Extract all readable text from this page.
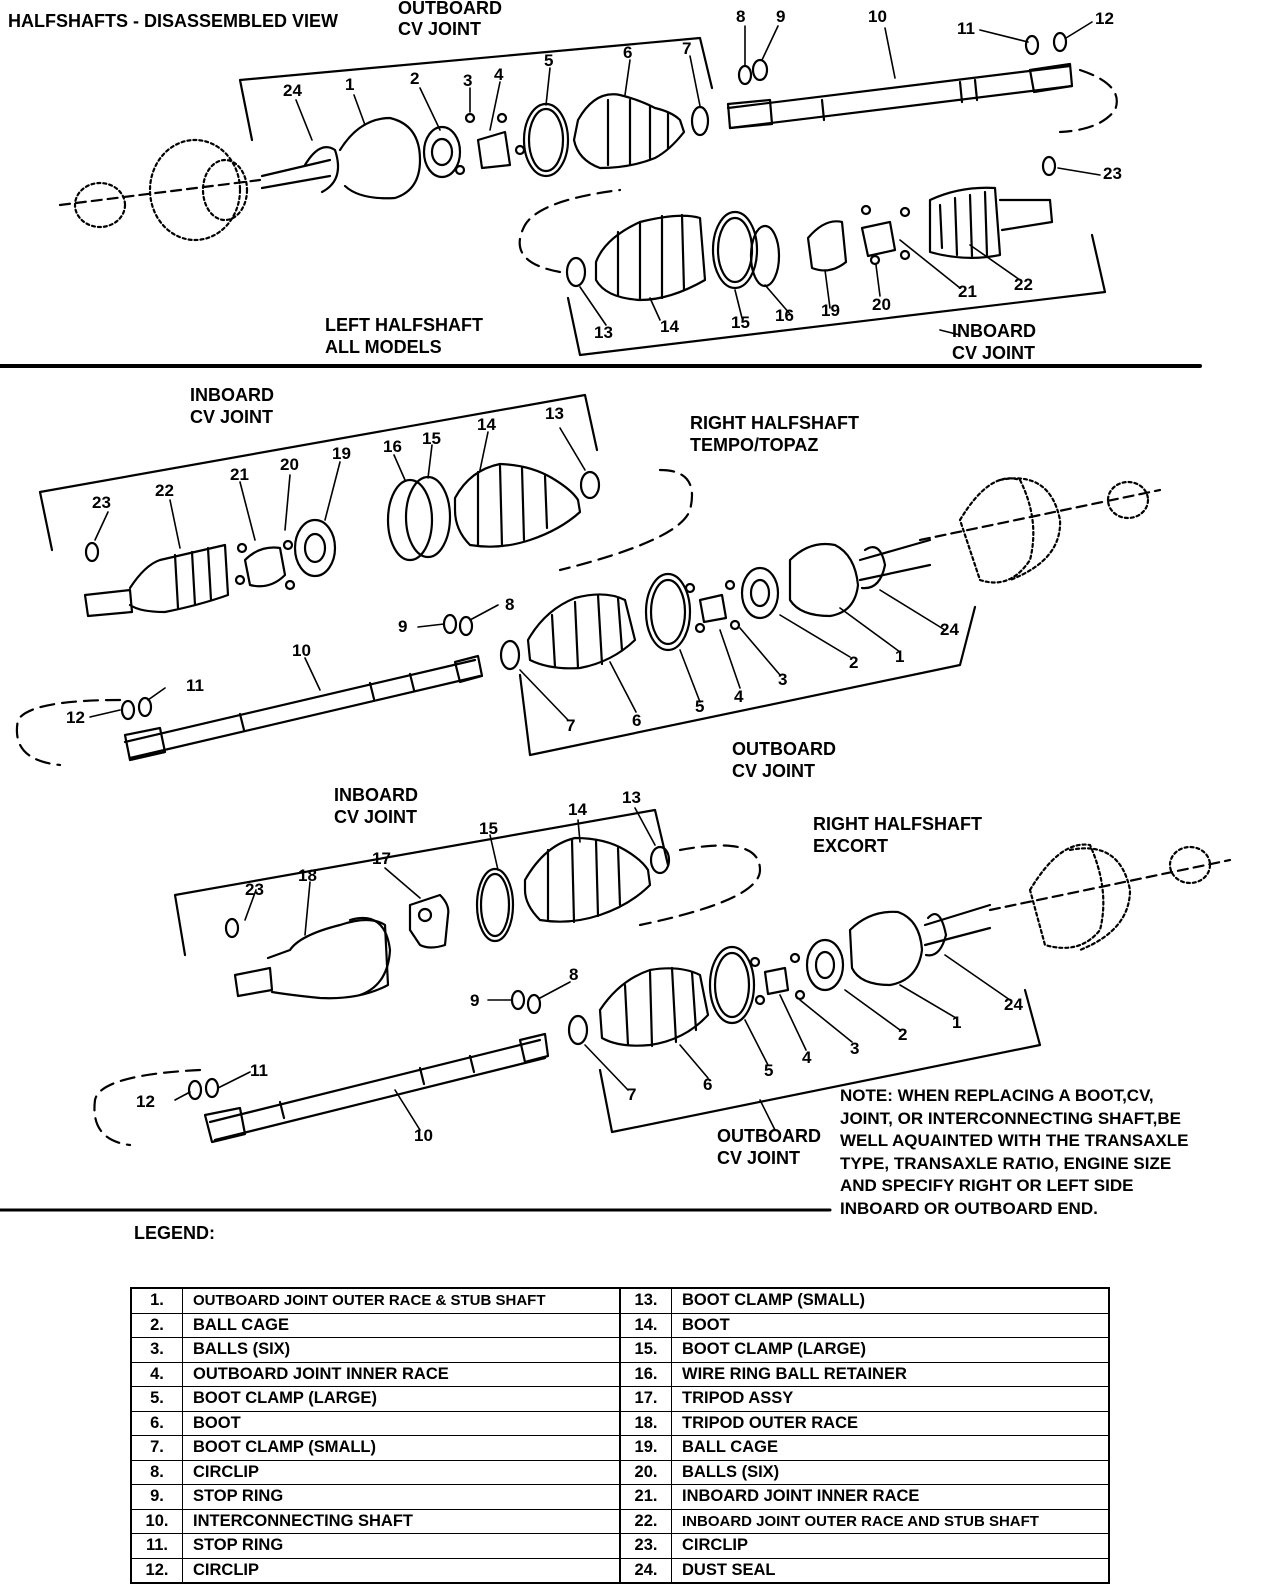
HALFSHAFTS - DISASSEMBLED VIEW
OUTBOARD
CV JOINT
LEFT HALFSHAFT
ALL MODELS
INBOARD
CV JOINT
24	1	2	3 4
5	6	7
8 9	10
11
12
23
21 22
13	14	15 16 19 20
INBOARD
CV JOINT	RIGHT HALFSHAFT
TEMPO/TOPAZ
OUTBOARD
CV JOINT
23
22
21
20
19 16 15
14
13
9
8
10
11
12	7	6
5
4
3
2 1
24
INBOARD
CV JOINT	RIGHT HALFSHAFT
EXCORT
OUTBOARD
CV JOINT
23
18
17
15
14
13
9
8
11
12
10
7
6
5
4 3
2
1
24
NOTE: WHEN REPLACING A BOOT,CV,
JOINT, OR INTERCONNECTING SHAFT,BE
WELL AQUAINTED WITH THE TRANSAXLE
TYPE, TRANSAXLE RATIO, ENGINE SIZE
AND SPECIFY RIGHT OR LEFT SIDE
INBOARD OR OUTBOARD END.
LEGEND:
1.	OUTBOARD JOINT OUTER RACE & STUB SHAFT
2.	BALL CAGE
3.	BALLS (SIX)
4.	OUTBOARD JOINT INNER RACE
5.	BOOT CLAMP (LARGE)
6.	BOOT
7.	BOOT CLAMP (SMALL)
8.	CIRCLIP
9.	STOP RING
10.	INTERCONNECTING SHAFT
11.	STOP RING
12.	CIRCLIP
13.	BOOT CLAMP (SMALL)
14.	BOOT
15.	BOOT CLAMP (LARGE)
16.	WIRE RING BALL RETAINER
17.	TRIPOD ASSY
18.	TRIPOD OUTER RACE
19.	BALL CAGE
20.	BALLS (SIX)
21.	INBOARD JOINT INNER RACE
22.	INBOARD JOINT OUTER RACE AND STUB SHAFT
23.	CIRCLIP
24.	DUST SEAL
